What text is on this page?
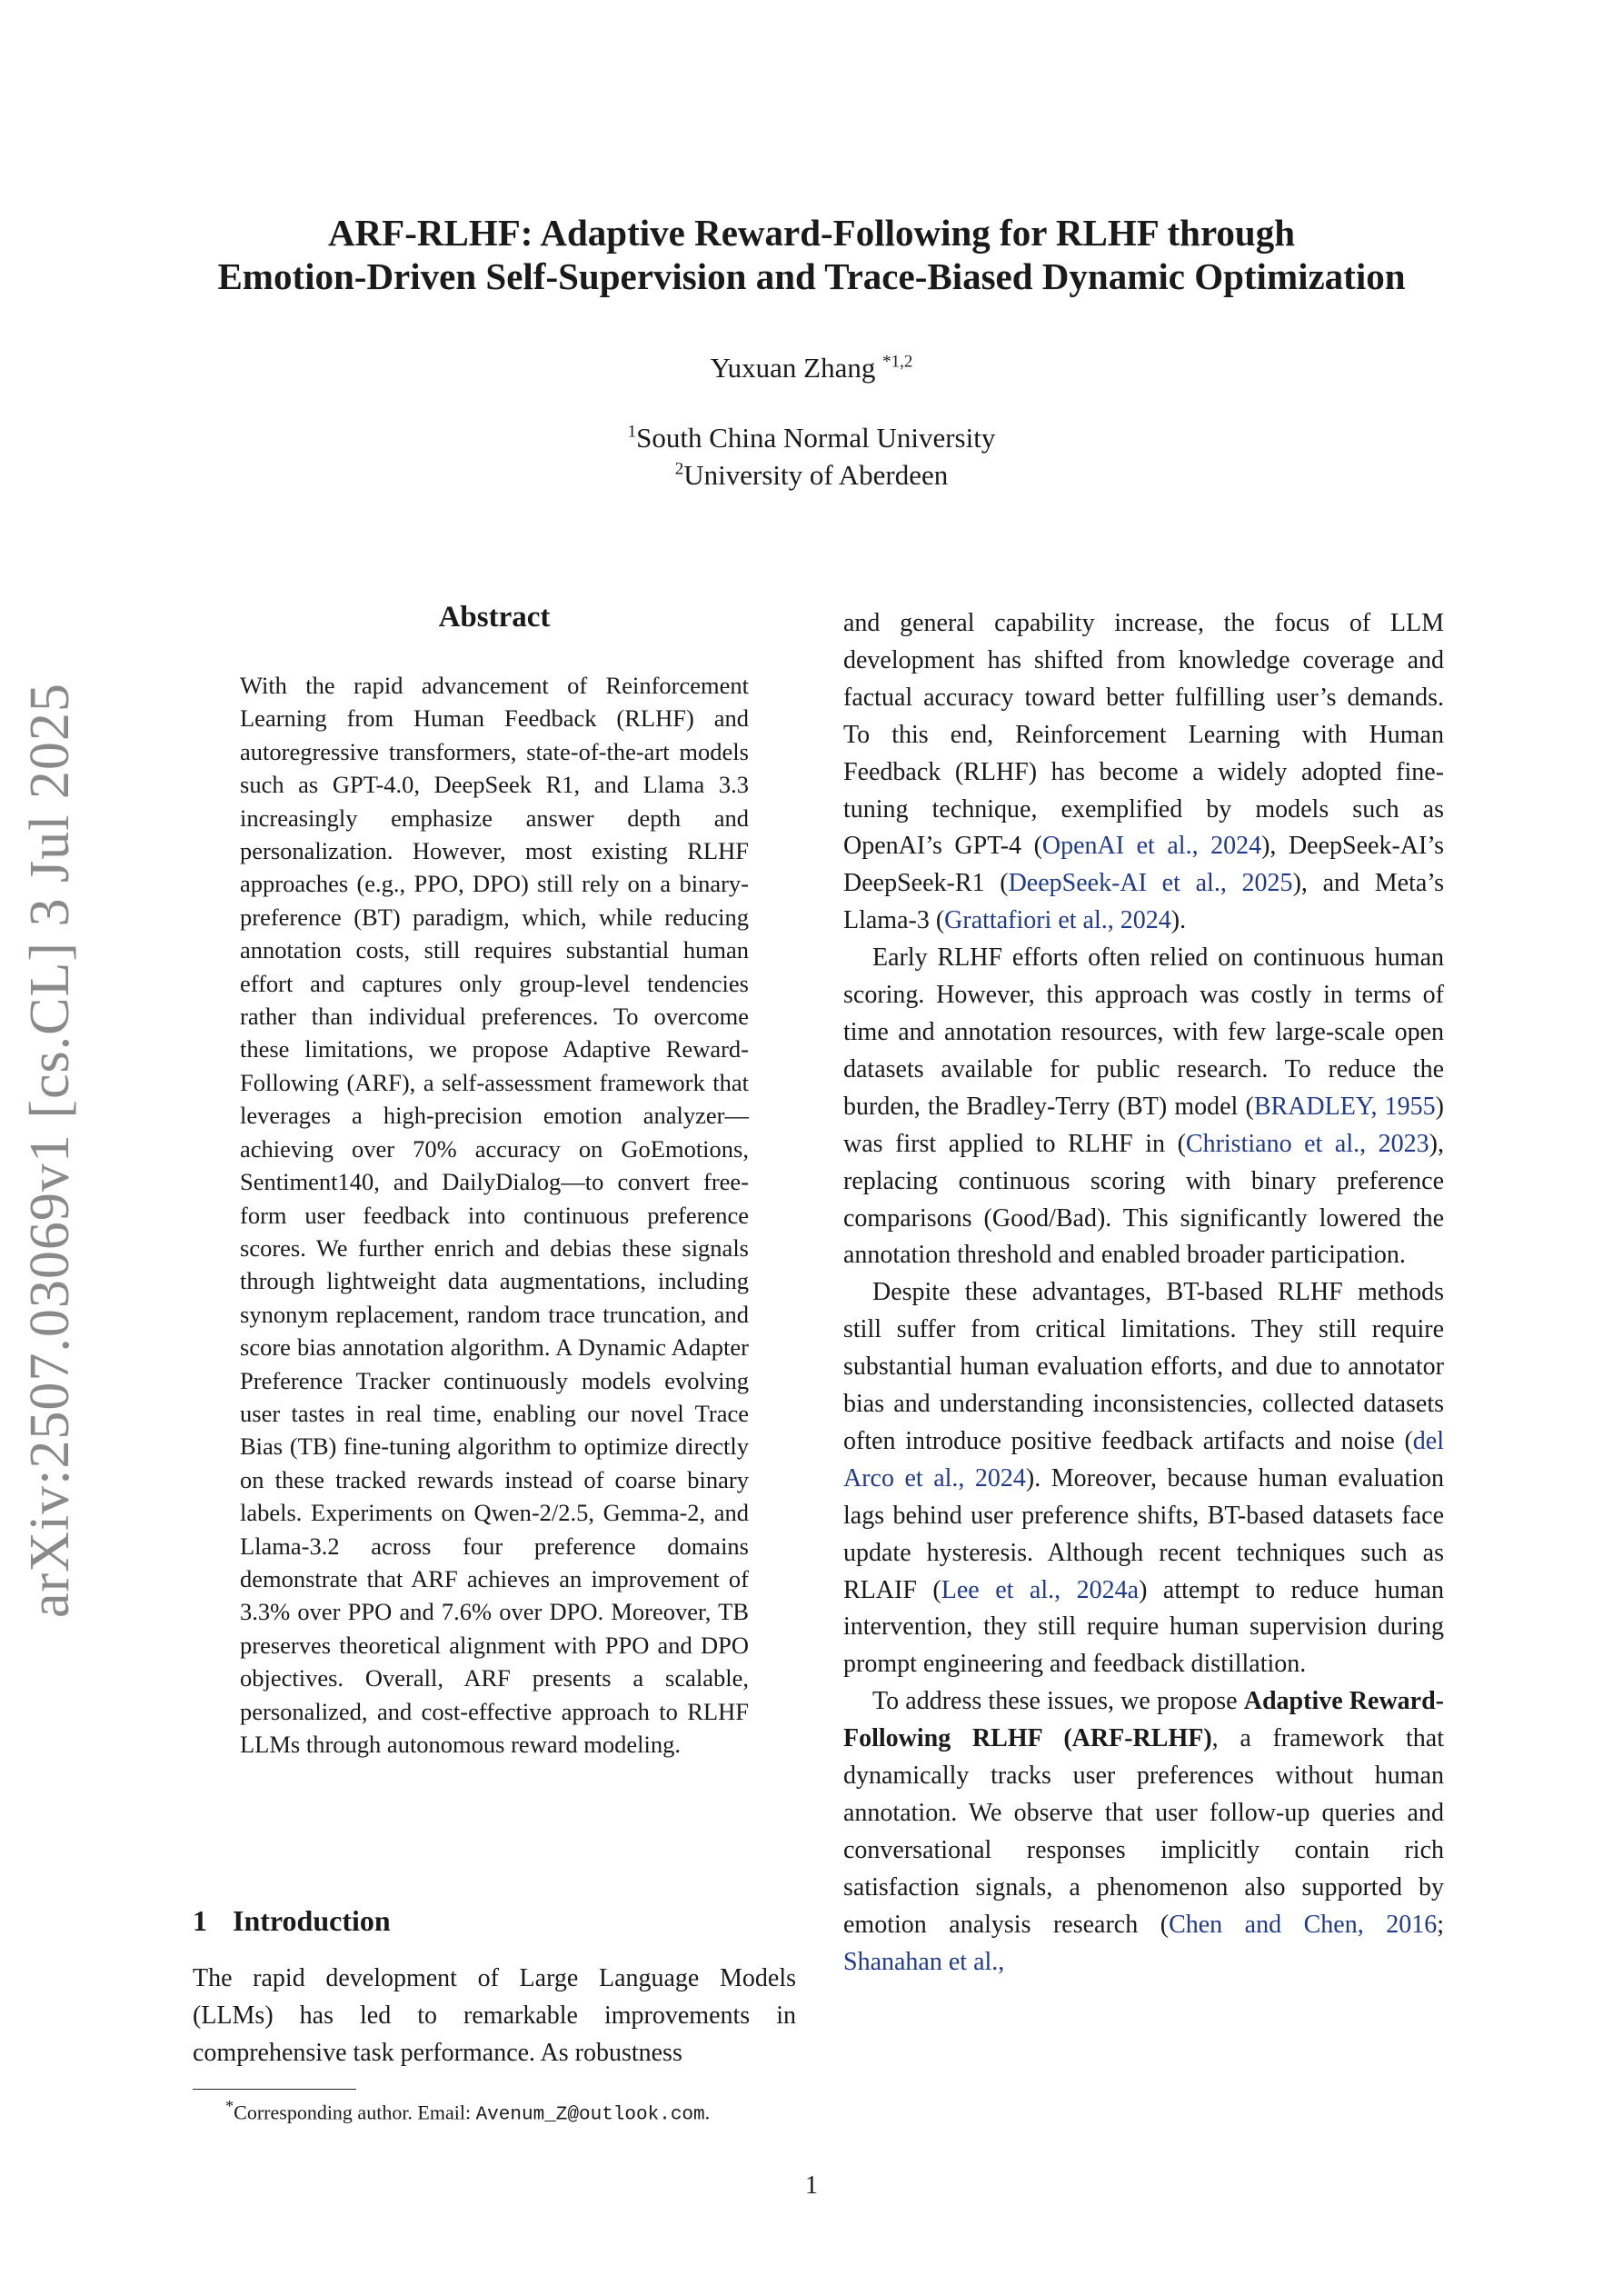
ARF-RLHF: Adaptive Reward-Following for RLHF through
Emotion-Driven Self-Supervision and Trace-Biased Dynamic Optimization
Yuxuan Zhang $^{*1,2}$
$^1$South China Normal University
$^2$University of Aberdeen
arXiv:2507.03069v1 [cs.CL] 3 Jul 2025
Abstract
With the rapid advancement of Reinforcement Learning from Human Feedback (RLHF) and autoregressive transformers, state-of-the-art models such as GPT-4.0, DeepSeek R1, and Llama 3.3 increasingly emphasize answer depth and personalization. However, most existing RLHF approaches (e.g., PPO, DPO) still rely on a binary-preference (BT) paradigm, which, while reducing annotation costs, still requires substantial human effort and captures only group-level tendencies rather than individual preferences. To overcome these limitations, we propose Adaptive Reward-Following (ARF), a self-assessment framework that leverages a high-precision emotion analyzer—achieving over 70% accuracy on GoEmotions, Sentiment140, and DailyDialog—to convert free-form user feedback into continuous preference scores. We further enrich and debias these signals through lightweight data augmentations, including synonym replacement, random trace truncation, and score bias annotation algorithm. A Dynamic Adapter Preference Tracker continuously models evolving user tastes in real time, enabling our novel Trace Bias (TB) fine-tuning algorithm to optimize directly on these tracked rewards instead of coarse binary labels. Experiments on Qwen-2/2.5, Gemma-2, and Llama-3.2 across four preference domains demonstrate that ARF achieves an improvement of 3.3% over PPO and 7.6% over DPO. Moreover, TB preserves theoretical alignment with PPO and DPO objectives. Overall, ARF presents a scalable, personalized, and cost-effective approach to RLHF LLMs through autonomous reward modeling.
1 Introduction
The rapid development of Large Language Models (LLMs) has led to remarkable improvements in comprehensive task performance. As robustness
*Corresponding author. Email: Avenum_Z@outlook.com.

and general capability increase, the focus of LLM development has shifted from knowledge coverage and factual accuracy toward better fulfilling user’s demands. To this end, Reinforcement Learning with Human Feedback (RLHF) has become a widely adopted fine-tuning technique, exemplified by models such as OpenAI’s GPT-4 (OpenAI et al., 2024), DeepSeek-AI’s DeepSeek-R1 (DeepSeek-AI et al., 2025), and Meta’s Llama-3 (Grattafiori et al., 2024).

Early RLHF efforts often relied on continuous human scoring. However, this approach was costly in terms of time and annotation resources, with few large-scale open datasets available for public research. To reduce the burden, the Bradley-Terry (BT) model (BRADLEY, 1955) was first applied to RLHF in (Christiano et al., 2023), replacing continuous scoring with binary preference comparisons (Good/Bad). This significantly lowered the annotation threshold and enabled broader participation.

Despite these advantages, BT-based RLHF methods still suffer from critical limitations. They still require substantial human evaluation efforts, and due to annotator bias and understanding inconsistencies, collected datasets often introduce positive feedback artifacts and noise (del Arco et al., 2024). Moreover, because human evaluation lags behind user preference shifts, BT-based datasets face update hysteresis. Although recent techniques such as RLAIF (Lee et al., 2024a) attempt to reduce human intervention, they still require human supervision during prompt engineering and feedback distillation.

To address these issues, we propose Adaptive Reward-Following RLHF (ARF-RLHF), a framework that dynamically tracks user preferences without human annotation. We observe that user follow-up queries and conversational responses implicitly contain rich satisfaction signals, a phenomenon also supported by emotion analysis research (Chen and Chen, 2016; Shanahan et al.,

1
